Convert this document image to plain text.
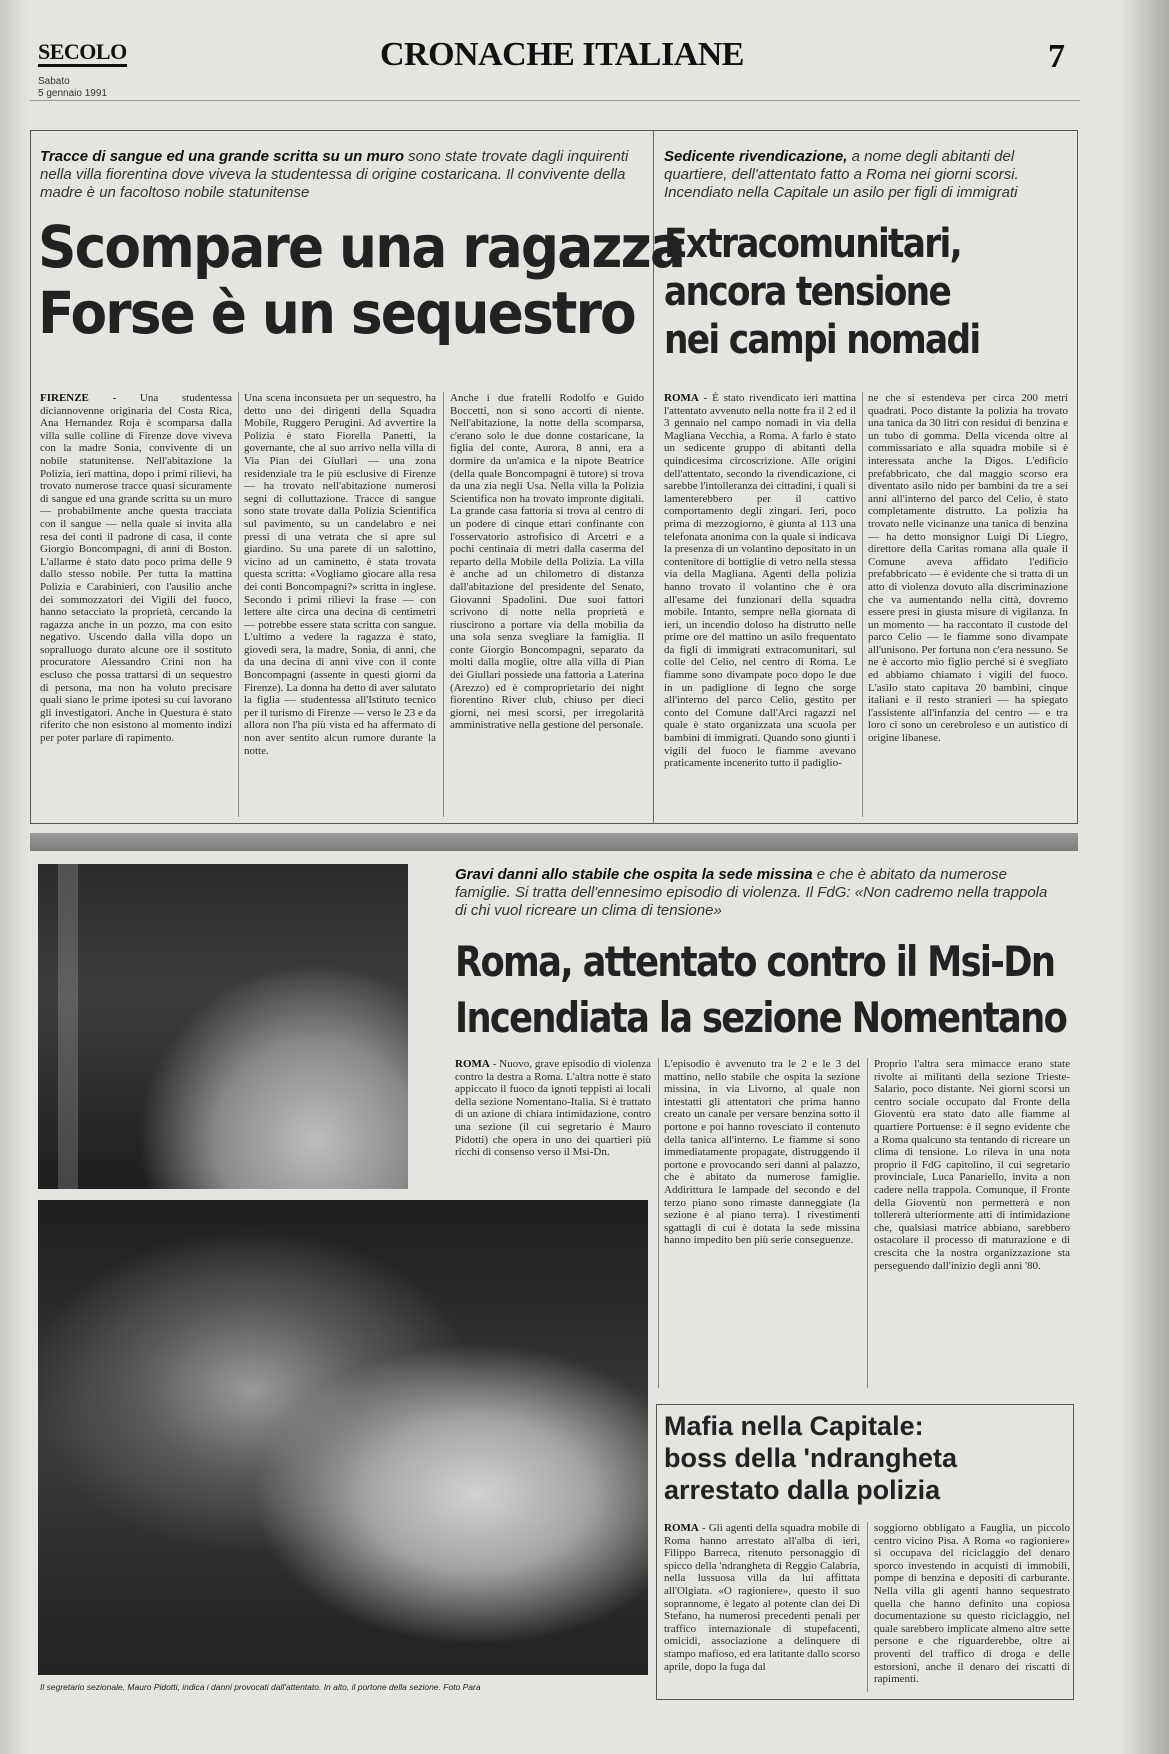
SECOLO
Sabato
5 gennaio 1991
CRONACHE ITALIANE	7
Tracce di sangue ed una grande scritta su un muro sono state trovate dagli inquirenti nella villa fiorentina dove viveva la studentessa di origine costaricana. Il convivente della madre è un facoltoso nobile statunitense
Scompare una ragazza
Forse è un sequestro
FIRENZE - Una studentessa diciannovenne originaria del Costa Rica, Ana Hernandez Roja è scomparsa dalla villa sulle colline di Firenze dove viveva con la madre Sonia, convivente di un nobile statunitense. Nell'abitazione la Polizia, ieri mattina, dopo i primi rilievi, ha trovato numerose tracce quasi sicuramente di sangue ed una grande scritta su un muro — probabilmente anche questa tracciata con il sangue — nella quale si invita alla resa dei conti il padrone di casa, il conte Giorgio Boncompagni, di anni di Boston. L'allarme è stato dato poco prima delle 9 dallo stesso nobile. Per tutta la mattina Polizia e Carabinieri, con l'ausilio anche dei sommozzatori dei Vigili del fuoco, hanno setacciato la proprietà, cercando la ragazza anche in un pozzo, ma con esito negativo. Uscendo dalla villa dopo un sopralluogo durato alcune ore il sostituto procuratore Alessandro Crini non ha escluso che possa trattarsi di un sequestro di persona, ma non ha voluto precisare quali siano le prime ipotesi su cui lavorano gli investigatori. Anche in Questura è stato riferito che non esistono al momento indizi per poter parlare di rapimento.
Una scena inconsueta per un sequestro, ha detto uno dei dirigenti della Squadra Mobile, Ruggero Perugini. Ad avvertire la Polizia è stato Fiorella Panetti, la governante, che al suo arrivo nella villa di Via Pian dei Giullari — una zona residenziale tra le più esclusive di Firenze — ha trovato nell'abitazione numerosi segni di colluttazione. Tracce di sangue sono state trovate dalla Polizia Scientifica sul pavimento, su un candelabro e nei pressi di una vetrata che si apre sul giardino. Su una parete di un salottino, vicino ad un caminetto, è stata trovata questa scritta: «Vogliamo giocare alla resa dei conti Boncompagni?» scritta in inglese. Secondo i primi rilievi la frase — con lettere alte circa una decina di centimetri — potrebbe essere stata scritta con sangue. L'ultimo a vedere la ragazza è stato, giovedì sera, la madre, Sonia, di anni, che da una decina di anni vive con il conte Boncompagni (assente in questi giorni da Firenze). La donna ha detto di aver salutato la figlia — studentessa all'Istituto tecnico per il turismo di Firenze — verso le 23 e da allora non l'ha più vista ed ha affermato di non aver sentito alcun rumore durante la notte.
Anche i due fratelli Rodolfo e Guido Boccetti, non si sono accorti di niente. Nell'abitazione, la notte della scomparsa, c'erano solo le due donne costaricane, la figlia del conte, Aurora, 8 anni, era a dormire da un'amica e la nipote Beatrice (della quale Boncompagni è tutore) si trova da una zia negli Usa. Nella villa la Polizia Scientifica non ha trovato impronte digitali. La grande casa fattoria si trova al centro di un podere di cinque ettari confinante con l'osservatorio astrofisico di Arcetri e a pochi centinaia di metri dalla caserma del reparto della Mobile della Polizia. La villa è anche ad un chilometro di distanza dall'abitazione del presidente del Senato, Giovanni Spadolini. Due suoi fattori scrivono di notte nella proprietà e riuscirono a portare via della mobilia da una sola senza svegliare la famiglia. Il conte Giorgio Boncompagni, separato da molti dalla moglie, oltre alla villa di Pian dei Giullari possiede una fattoria a Laterina (Arezzo) ed è comproprietario dei night fiorentino River club, chiuso per dieci giorni, nei mesi scorsi, per irregolarità amministrative nella gestione del personale.
Sedicente rivendicazione, a nome degli abitanti del quartiere, dell'attentato fatto a Roma nei giorni scorsi. Incendiato nella Capitale un asilo per figli di immigrati
Extracomunitari,
ancora tensione
nei campi nomadi
ROMA - È stato rivendicato ieri mattina l'attentato avvenuto nella notte fra il 2 ed il 3 gennaio nel campo nomadi in via della Magliana Vecchia, a Roma. A farlo è stato un sedicente gruppo di abitanti della quindicesima circoscrizione. Alle origini dell'attentato, secondo la rivendicazione, ci sarebbe l'intolleranza dei cittadini, i quali si lamenterebbero per il cattivo comportamento degli zingari. Ieri, poco prima di mezzogiorno, è giunta al 113 una telefonata anonima con la quale si indicava la presenza di un volantino depositato in un contenitore di bottiglie di vetro nella stessa via della Magliana. Agenti della polizia hanno trovato il volantino che è ora all'esame dei funzionari della squadra mobile. Intanto, sempre nella giornata di ieri, un incendio doloso ha distrutto nelle prime ore del mattino un asilo frequentato da figli di immigrati extracomunitari, sul colle del Celio, nel centro di Roma. Le fiamme sono divampate poco dopo le due in un padiglione di legno che sorge all'interno del parco Celio, gestito per conto del Comune dall'Arci ragazzi nel quale è stato organizzata una scuola per bambini di immigrati. Quando sono giunti i vigili del fuoco le fiamme avevano praticamente incenerito tutto il padiglio-
ne che si estendeva per circa 200 metri quadrati. Poco distante la polizia ha trovato una tanica da 30 litri con residui di benzina e un tubo di gomma. Della vicenda oltre al commissariato e alla squadra mobile si è interessata anche la Digos. L'edificio prefabbricato, che dal maggio scorso era diventato asilo nido per bambini da tre a sei anni all'interno del parco del Celio, è stato completamente distrutto. La polizia ha trovato nelle vicinanze una tanica di benzina — ha detto monsignor Luigi Di Liegro, direttore della Caritas romana alla quale il Comune aveva affidato l'edificio prefabbricato — è evidente che si tratta di un atto di violenza dovuto alla discriminazione che va aumentando nella città, dovremo essere presi in giusta misure di vigilanza. In un momento — ha raccontato il custode del parco Celio — le fiamme sono divampate all'unisono. Per fortuna non c'era nessuno. Se ne è accorto mio figlio perché si è svegliato ed abbiamo chiamato i vigili del fuoco. L'asilo stato capitava 20 bambini, cinque italiani e il resto stranieri — ha spiegato l'assistente all'infanzia del centro — e tra loro ci sono un cerebroleso e un autistico di origine libanese.
Il segretario sezionale, Mauro Pidotti, indica i danni provocati dall'attentato. In alto, il portone della sezione. Foto Para
Gravi danni allo stabile che ospita la sede missina e che è abitato da numerose famiglie. Si tratta dell'ennesimo episodio di violenza. Il FdG: «Non cadremo nella trappola di chi vuol ricreare un clima di tensione»
Roma, attentato contro il Msi-Dn
Incendiata la sezione Nomentano
ROMA - Nuovo, grave episodio di violenza contro la destra a Roma. L'altra notte è stato appiccato il fuoco da ignoti teppisti ai locali della sezione Nomentano-Italia. Si è trattato di un azione di chiara intimidazione, contro una sezione (il cui segretario è Mauro Pidotti) che opera in uno dei quartieri più ricchi di consenso verso il Msi-Dn.
L'episodio è avvenuto tra le 2 e le 3 del mattino, nello stabile che ospita la sezione missina, in via Livorno, al quale non intestatti gli attentatori che prima hanno creato un canale per versare benzina sotto il portone e poi hanno rovesciato il contenuto della tanica all'interno. Le fiamme si sono immediatamente propagate, distruggendo il portone e provocando seri danni al palazzo, che è abitato da numerose famiglie. Addirittura le lampade del secondo e del terzo piano sono rimaste danneggiate (la sezione è al piano terra). I rivestimenti sgattagli di cui è dotata la sede missina hanno impedito ben più serie conseguenze.
Proprio l'altra sera mimacce erano state rivolte ai militanti della sezione Trieste-Salario, poco distante. Nei giorni scorsi un centro sociale occupato dal Fronte della Gioventù era stato dato alle fiamme al quartiere Portuense: è il segno evidente che a Roma qualcuno sta tentando di ricreare un clima di tensione. Lo rileva in una nota proprio il FdG capitolino, il cui segretario provinciale, Luca Panariello, invita a non cadere nella trappola. Comunque, il Fronte della Gioventù non permetterà e non tollererà ulteriormente atti di intimidazione che, qualsiasi matrice abbiano, sarebbero ostacolare il processo di maturazione e di crescita che la nostra organizzazione sta perseguendo dall'inizio degli anni '80.
Mafia nella Capitale:
boss della 'ndrangheta
arrestato dalla polizia
ROMA - Gli agenti della squadra mobile di Roma hanno arrestato all'alba di ieri, Filippo Barreca, ritenuto personaggio di spicco della 'ndrangheta di Reggio Calabria, nella lussuosa villa da lui affittata all'Olgiata. «O ragioniere», questo il suo soprannome, è legato al potente clan dei Di Stefano, ha numerosi precedenti penali per traffico internazionale di stupefacenti, omicidi, associazione a delinquere di stampo mafioso, ed era latitante dallo scorso aprile, dopo la fuga dal
soggiorno obbligato a Fauglia, un piccolo centro vicino Pisa. A Roma «o ragioniere» si occupava del riciclaggio del denaro sporco investendo in acquisti di immobili, pompe di benzina e depositi di carburante. Nella villa gli agenti hanno sequestrato quella che hanno definito una copiosa documentazione su questo riciclaggio, nel quale sarebbero implicate almeno altre sette persone e che riguarderebbe, oltre ai proventi del traffico di droga e delle estorsioni, anche il denaro dei riscatti di rapimenti.
